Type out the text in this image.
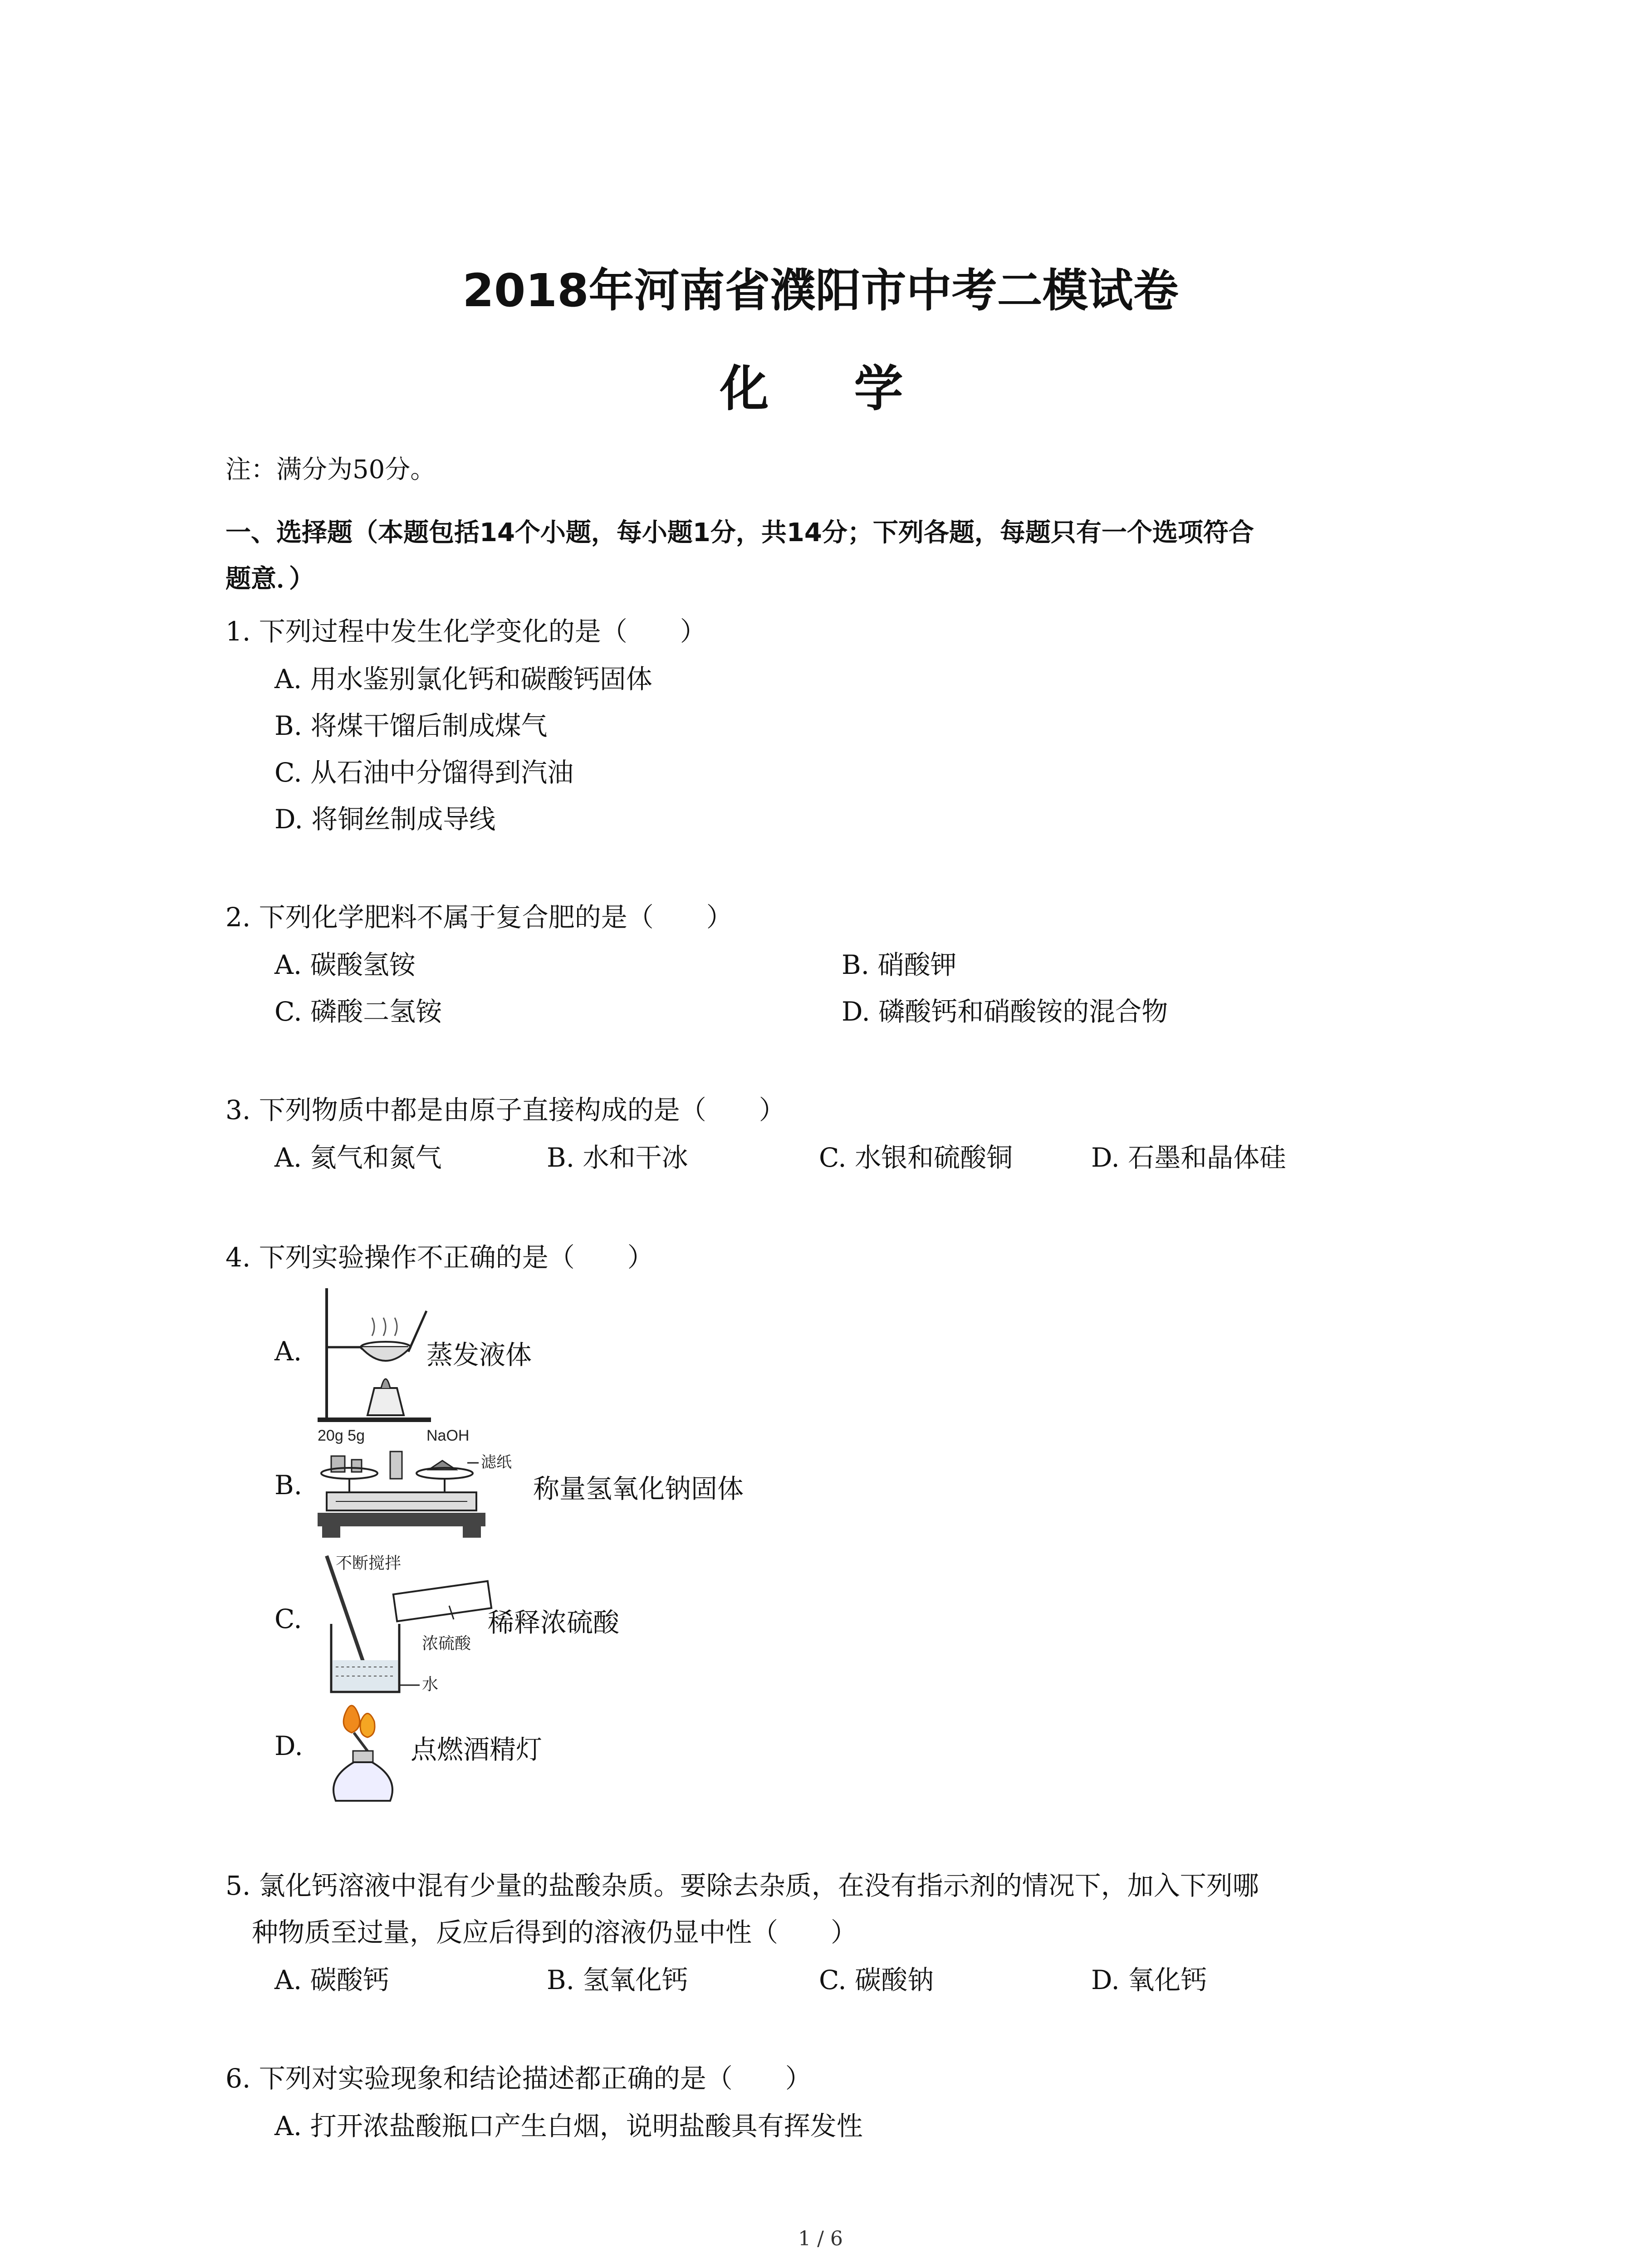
2018年河南省濮阳市中考二模试卷
化　学
注：满分为50分。
一、选择题（本题包括14个小题，每小题1分，共14分；下列各题，每题只有一个选项符合
题意．）
1. 下列过程中发生化学变化的是（　　）
A. 用水鉴别氯化钙和碳酸钙固体
B. 将煤干馏后制成煤气
C. 从石油中分馏得到汽油
D. 将铜丝制成导线
2. 下列化学肥料不属于复合肥的是（　　）
A. 碳酸氢铵	B. 硝酸钾
C. 磷酸二氢铵	D. 磷酸钙和硝酸铵的混合物
3. 下列物质中都是由原子直接构成的是（　　）
A. 氦气和氮气	B. 水和干冰	C. 水银和硫酸铜	D. 石墨和晶体硅
4. 下列实验操作不正确的是（　　）
A.	蒸发液体
B.
20g 5g	NaOH
滤纸
称量氢氧化钠固体
C.
不断搅拌
浓硫酸
水
稀释浓硫酸
D.	点燃酒精灯
5. 氯化钙溶液中混有少量的盐酸杂质。要除去杂质，在没有指示剂的情况下，加入下列哪
种物质至过量，反应后得到的溶液仍显中性（　　）
A. 碳酸钙	B. 氢氧化钙	C. 碳酸钠	D. 氧化钙
6. 下列对实验现象和结论描述都正确的是（　　）
A. 打开浓盐酸瓶口产生白烟，说明盐酸具有挥发性
1 / 6
